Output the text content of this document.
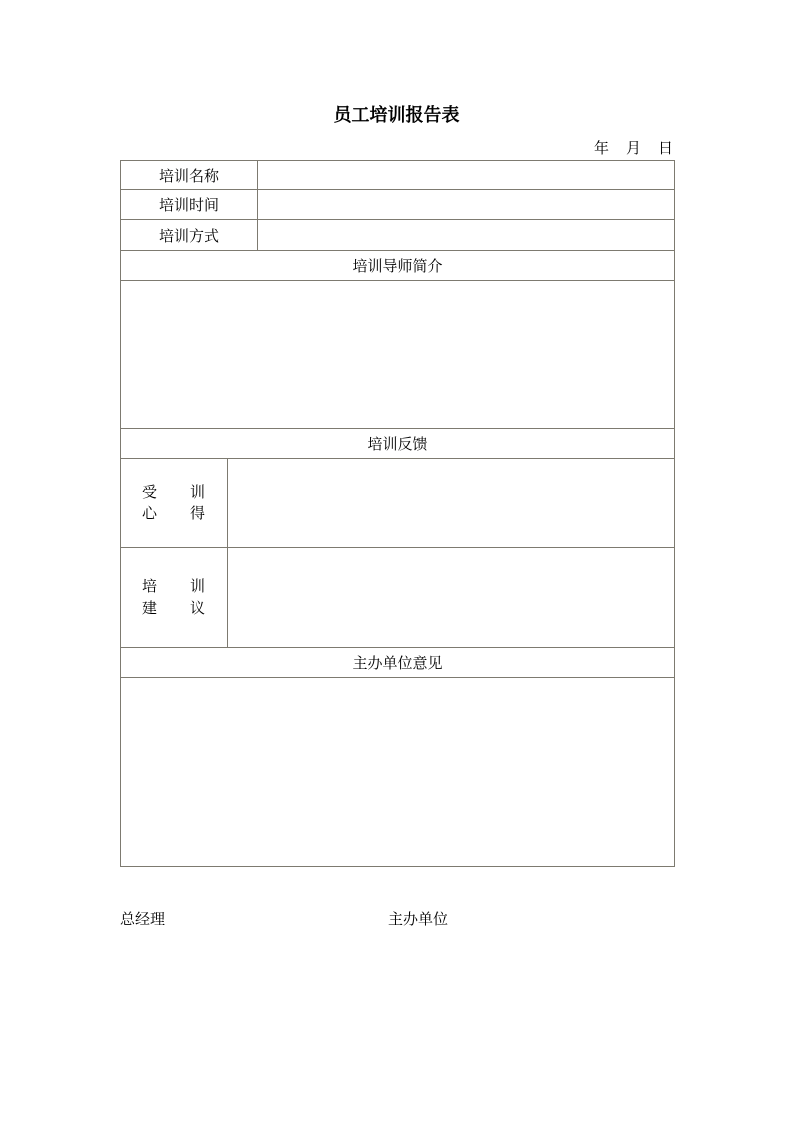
员工培训报告表
年 月 日
培训名称
培训时间
培训方式
培训导师简介
培训反馈
受 训
心 得
培 训
建 议
主办单位意见
总经理	主办单位
